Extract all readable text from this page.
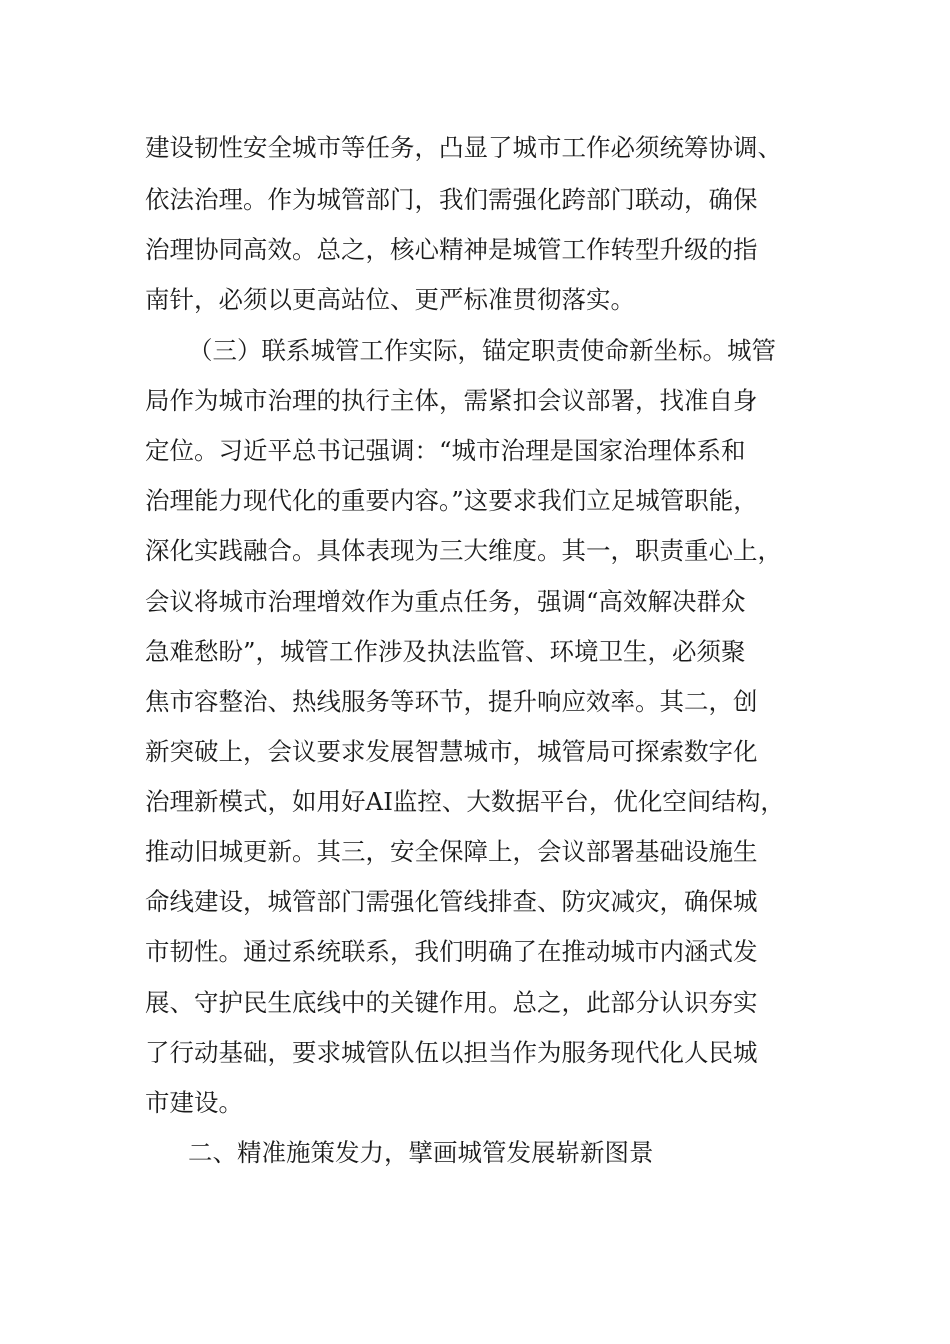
建设韧性安全城市等任务，凸显了城市工作必须统筹协调、

依法治理。作为城管部门，我们需强化跨部门联动，确保

治理协同高效。总之，核心精神是城管工作转型升级的指

南针，必须以更高站位、更严标准贯彻落实。

（三）联系城管工作实际，锚定职责使命新坐标。城管

局作为城市治理的执行主体，需紧扣会议部署，找准自身

定位。习近平总书记强调：“城市治理是国家治理体系和

治理能力现代化的重要内容。”这要求我们立足城管职能，

深化实践融合。具体表现为三大维度。其一，职责重心上，

会议将城市治理增效作为重点任务，强调“高效解决群众

急难愁盼”，城管工作涉及执法监管、环境卫生，必须聚

焦市容整治、热线服务等环节，提升响应效率。其二，创

新突破上，会议要求发展智慧城市，城管局可探索数字化

治理新模式，如用好AI监控、大数据平台，优化空间结构，

推动旧城更新。其三，安全保障上，会议部署基础设施生

命线建设，城管部门需强化管线排查、防灾减灾，确保城

市韧性。通过系统联系，我们明确了在推动城市内涵式发

展、守护民生底线中的关键作用。总之，此部分认识夯实

了行动基础，要求城管队伍以担当作为服务现代化人民城

市建设。

二、精准施策发力，擘画城管发展崭新图景
